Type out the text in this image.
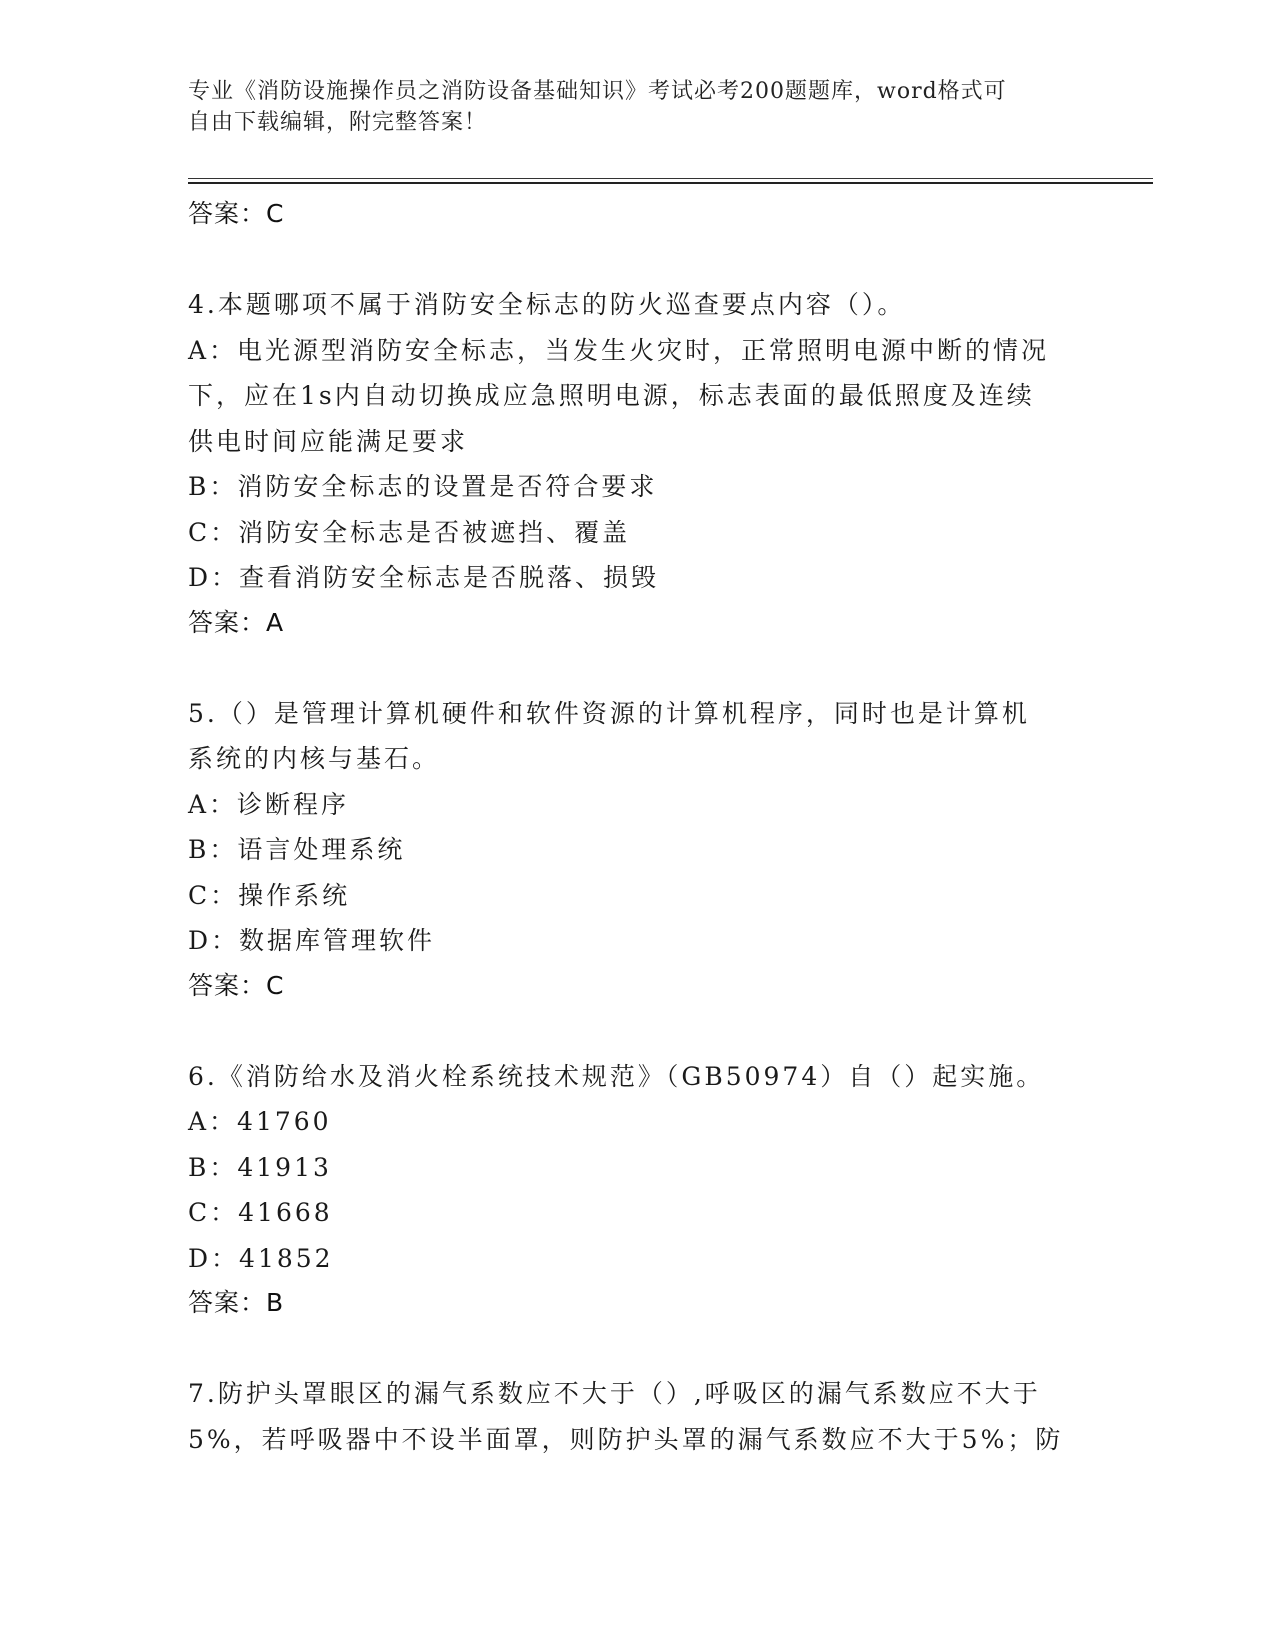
专业《消防设施操作员之消防设备基础知识》考试必考200题题库，word格式可
自由下载编辑，附完整答案！
答案：C
4.本题哪项不属于消防安全标志的防火巡查要点内容（）。
A：电光源型消防安全标志，当发生火灾时，正常照明电源中断的情况
下，应在1s内自动切换成应急照明电源，标志表面的最低照度及连续
供电时间应能满足要求
B：消防安全标志的设置是否符合要求
C：消防安全标志是否被遮挡、覆盖
D：查看消防安全标志是否脱落、损毁
答案：A
5.（）是管理计算机硬件和软件资源的计算机程序，同时也是计算机
系统的内核与基石。
A：诊断程序
B：语言处理系统
C：操作系统
D：数据库管理软件
答案：C
6.《消防给水及消火栓系统技术规范》（GB50974）自（）起实施。
A：41760
B：41913
C：41668
D：41852
答案：B
7.防护头罩眼区的漏气系数应不大于（）,呼吸区的漏气系数应不大于
5%，若呼吸器中不设半面罩，则防护头罩的漏气系数应不大于5%；防
